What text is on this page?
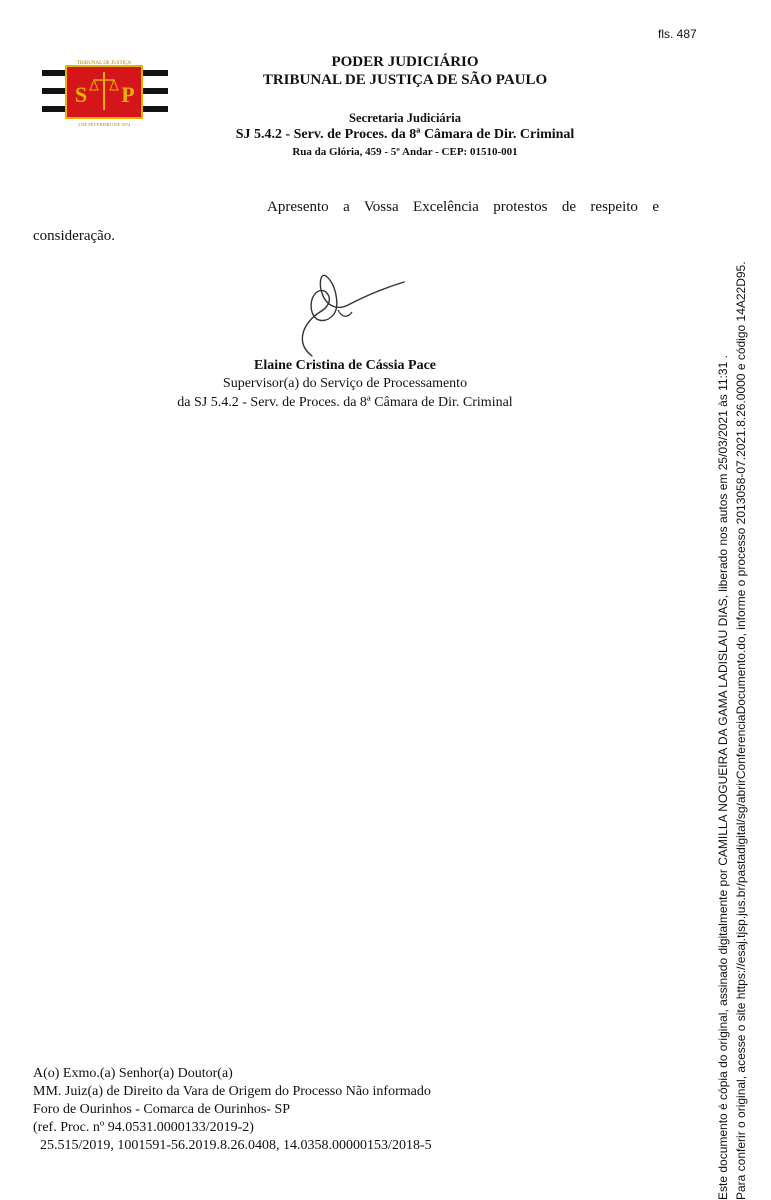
fls. 487
TRIBUNAL DE JUSTIÇA
S P
3 DE FEVEREIRO DE 1874
PODER JUDICIÁRIO
TRIBUNAL DE JUSTIÇA DE SÃO PAULO
Secretaria Judiciária
SJ 5.4.2 - Serv. de Proces. da 8ª Câmara de Dir. Criminal
Rua da Glória, 459 - 5º Andar - CEP: 01510-001
Apresento a Vossa Excelência protestos de respeito e
consideração.
Elaine Cristina de Cássia Pace
Supervisor(a) do Serviço de Processamento
da SJ 5.4.2 - Serv. de Proces. da 8ª Câmara de Dir. Criminal
A(o) Exmo.(a) Senhor(a) Doutor(a)
MM. Juiz(a) de Direito da Vara de Origem do Processo Não informado
Foro de Ourinhos - Comarca de Ourinhos- SP
(ref. Proc. nº 94.0531.0000133/2019-2)
25.515/2019, 1001591-56.2019.8.26.0408, 14.0358.00000153/2018-5	Este documento é cópia do original, assinado digitalmente por CAMILLA NOGUEIRA DA GAMA LADISLAU DIAS, liberado nos autos em 25/03/2021 às 11:31 . Para conferir o original, acesse o site https://esaj.tjsp.jus.br/pastadigital/sg/abrirConferenciaDocumento.do, informe o processo 2013058-07.2021.8.26.0000 e código 14A22D95.
